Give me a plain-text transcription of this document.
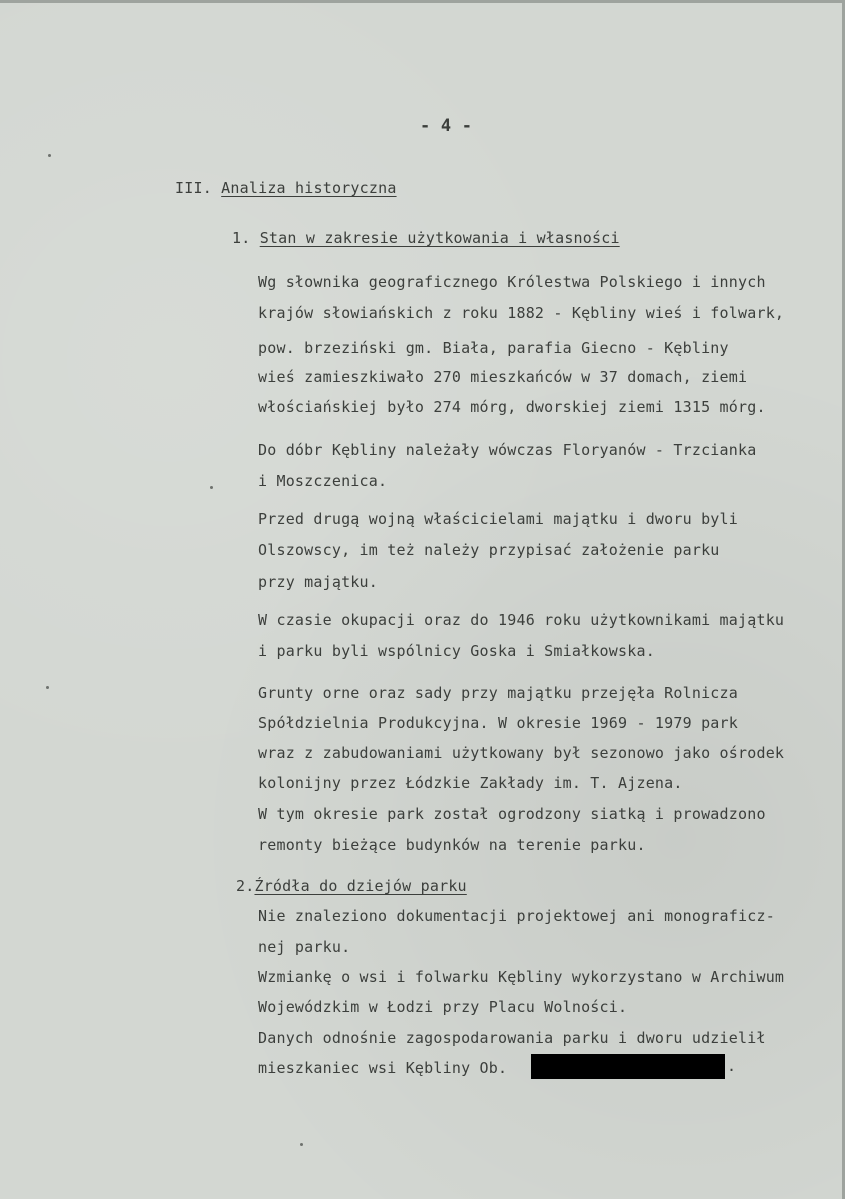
- 4 -
III. Analiza historyczna
1. Stan w zakresie użytkowania i własności
Wg słownika geograficznego Królestwa Polskiego i innych
krajów słowiańskich z roku 1882 - Kębliny wieś i folwark,
pow. brzeziński gm. Biała, parafia Giecno - Kębliny
wieś zamieszkiwało 270 mieszkańców w 37 domach, ziemi
włościańskiej było 274 mórg, dworskiej ziemi 1315 mórg.
Do dóbr Kębliny należały wówczas Floryanów - Trzcianka
i Moszczenica.
Przed drugą wojną właścicielami majątku i dworu byli
Olszowscy, im też należy przypisać założenie parku
przy majątku.
W czasie okupacji oraz do 1946 roku użytkownikami majątku
i parku byli wspólnicy Goska i Smiałkowska.
Grunty orne oraz sady przy majątku przejęła Rolnicza
Spółdzielnia Produkcyjna. W okresie 1969 - 1979 park
wraz z zabudowaniami użytkowany był sezonowo jako ośrodek
kolonijny przez Łódzkie Zakłady im. T. Ajzena.
W tym okresie park został ogrodzony siatką i prowadzono
remonty bieżące budynków na terenie parku.
2.Źródła do dziejów parku
Nie znaleziono dokumentacji projektowej ani monograficz-
nej parku.
Wzmiankę o wsi i folwarku Kębliny wykorzystano w Archiwum
Wojewódzkim w Łodzi przy Placu Wolności.
Danych odnośnie zagospodarowania parku i dworu udzielił
mieszkaniec wsi Kębliny Ob.	.
